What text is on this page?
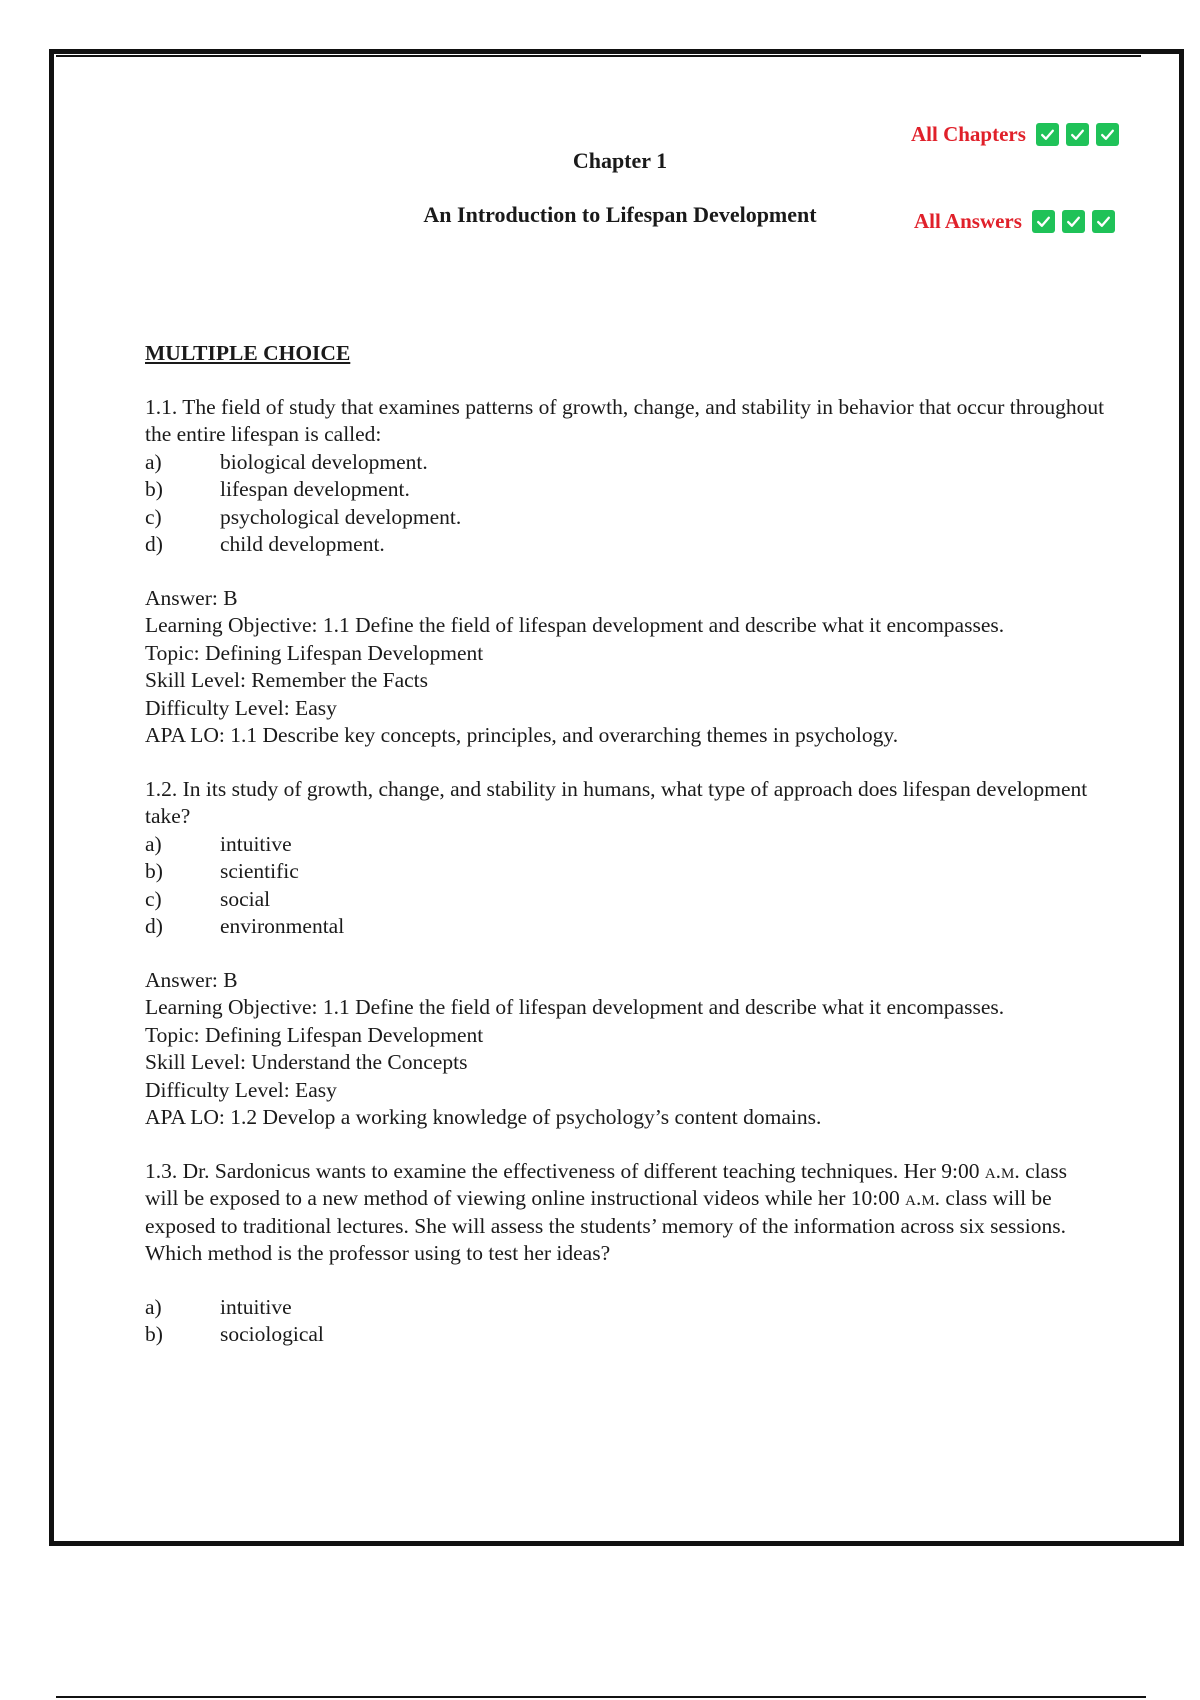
Chapter 1
An Introduction to Lifespan Development
All Chapters
All Answers

MULTIPLE CHOICE

1.1. The field of study that examines patterns of growth, change, and stability in behavior that occur throughout the entire lifespan is called:

a)	biological development.
b)	lifespan development.
c)	psychological development.
d)	child development.

Answer: B

Learning Objective: 1.1 Define the field of lifespan development and describe what it encompasses.

Topic: Defining Lifespan Development

Skill Level: Remember the Facts

Difficulty Level: Easy

APA LO: 1.1 Describe key concepts, principles, and overarching themes in psychology.

1.2. In its study of growth, change, and stability in humans, what type of approach does lifespan development take?

a)	intuitive
b)	scientific
c)	social
d)	environmental

Answer: B

Learning Objective: 1.1 Define the field of lifespan development and describe what it encompasses.

Topic: Defining Lifespan Development

Skill Level: Understand the Concepts

Difficulty Level: Easy

APA LO: 1.2 Develop a working knowledge of psychology’s content domains.

1.3. Dr. Sardonicus wants to examine the effectiveness of different teaching techniques. Her 9:00 a.m. class will be exposed to a new method of viewing online instructional videos while her 10:00 a.m. class will be exposed to traditional lectures. She will assess the students’ memory of the information across six sessions. Which method is the professor using to test her ideas?

a)	intuitive
b)	sociological
